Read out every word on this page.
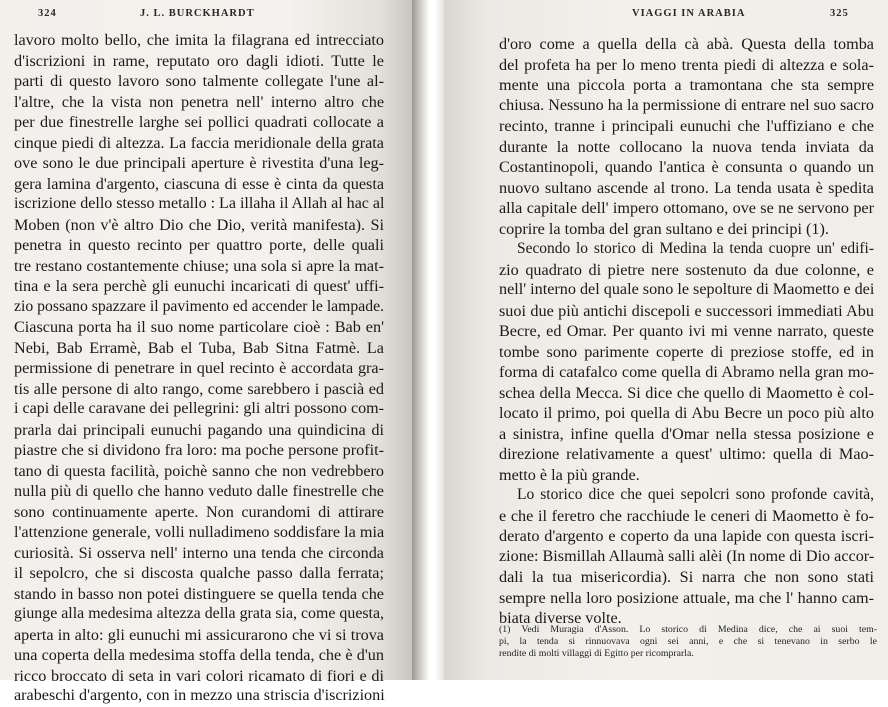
324	J. L. BURCKHARDT
lavoro molto bello, che imita la filagrana ed intrecciato
d'iscrizioni in rame, reputato oro dagli idioti. Tutte le
parti di questo lavoro sono talmente collegate l'une al-
l'altre, che la vista non penetra nell' interno altro che
per due finestrelle larghe sei pollici quadrati collocate a
cinque piedi di altezza. La faccia meridionale della grata
ove sono le due principali aperture è rivestita d'una leg-
gera lamina d'argento, ciascuna di esse è cinta da questa
iscrizione dello stesso metallo : La illaha il Allah al hac al
Moben (non v'è altro Dio che Dio, verità manifesta). Si
penetra in questo recinto per quattro porte, delle quali
tre restano costantemente chiuse; una sola si apre la mat-
tina e la sera perchè gli eunuchi incaricati di quest' uffi-
zio possano spazzare il pavimento ed accender le lampade.
Ciascuna porta ha il suo nome particolare cioè : Bab en'
Nebi, Bab Erramè, Bab el Tuba, Bab Sitna Fatmè. La
permissione di penetrare in quel recinto è accordata gra-
tis alle persone di alto rango, come sarebbero i pascià ed
i capi delle caravane dei pellegrini: gli altri possono com-
prarla dai principali eunuchi pagando una quindicina di
piastre che si dividono fra loro: ma poche persone profit-
tano di questa facilità, poichè sanno che non vedrebbero
nulla più di quello che hanno veduto dalle finestrelle che
sono continuamente aperte. Non curandomi di attirare
l'attenzione generale, volli nulladimeno soddisfare la mia
curiosità. Si osserva nell' interno una tenda che circonda
il sepolcro, che si discosta qualche passo dalla ferrata;
stando in basso non potei distinguere se quella tenda che
giunge alla medesima altezza della grata sia, come questa,
aperta in alto: gli eunuchi mi assicurarono che vi si trova
una coperta della medesima stoffa della tenda, che è d'un
ricco broccato di seta in vari colori ricamato di fiori e di
arabeschi d'argento, con in mezzo una striscia d'iscrizioni
VIAGGI IN ARABIA	325
d'oro come a quella della cà abà. Questa della tomba
del profeta ha per lo meno trenta piedi di altezza e sola-
mente una piccola porta a tramontana che sta sempre
chiusa. Nessuno ha la permissione di entrare nel suo sacro
recinto, tranne i principali eunuchi che l'uffiziano e che
durante la notte collocano la nuova tenda inviata da
Costantinopoli, quando l'antica è consunta o quando un
nuovo sultano ascende al trono. La tenda usata è spedita
alla capitale dell' impero ottomano, ove se ne servono per
coprire la tomba del gran sultano e dei principi (1).
Secondo lo storico di Medina la tenda cuopre un' edifi-
zio quadrato di pietre nere sostenuto da due colonne, e
nell' interno del quale sono le sepolture di Maometto e dei
suoi due più antichi discepoli e successori immediati Abu
Becre, ed Omar. Per quanto ivi mi venne narrato, queste
tombe sono parimente coperte di preziose stoffe, ed in
forma di catafalco come quella di Abramo nella gran mo-
schea della Mecca. Si dice che quello di Maometto è col-
locato il primo, poi quella di Abu Becre un poco più alto
a sinistra, infine quella d'Omar nella stessa posizione e
direzione relativamente a quest' ultimo: quella di Mao-
metto è la più grande.
Lo storico dice che quei sepolcri sono profonde cavità,
e che il feretro che racchiude le ceneri di Maometto è fo-
derato d'argento e coperto da una lapide con questa iscri-
zione: Bismillah Allaumà salli alèi (In nome di Dio accor-
dali la tua misericordia). Si narra che non sono stati
sempre nella loro posizione attuale, ma che l' hanno cam-
biata diverse volte.
(1) Vedi Muragia d'Asson. Lo storico di Medina dice, che ai suoi tem-
pi, la tenda si rinnuovava ogni sei anni, e che si tenevano in serbo le
rendite di molti villaggi di Egitto per ricomprarla.
